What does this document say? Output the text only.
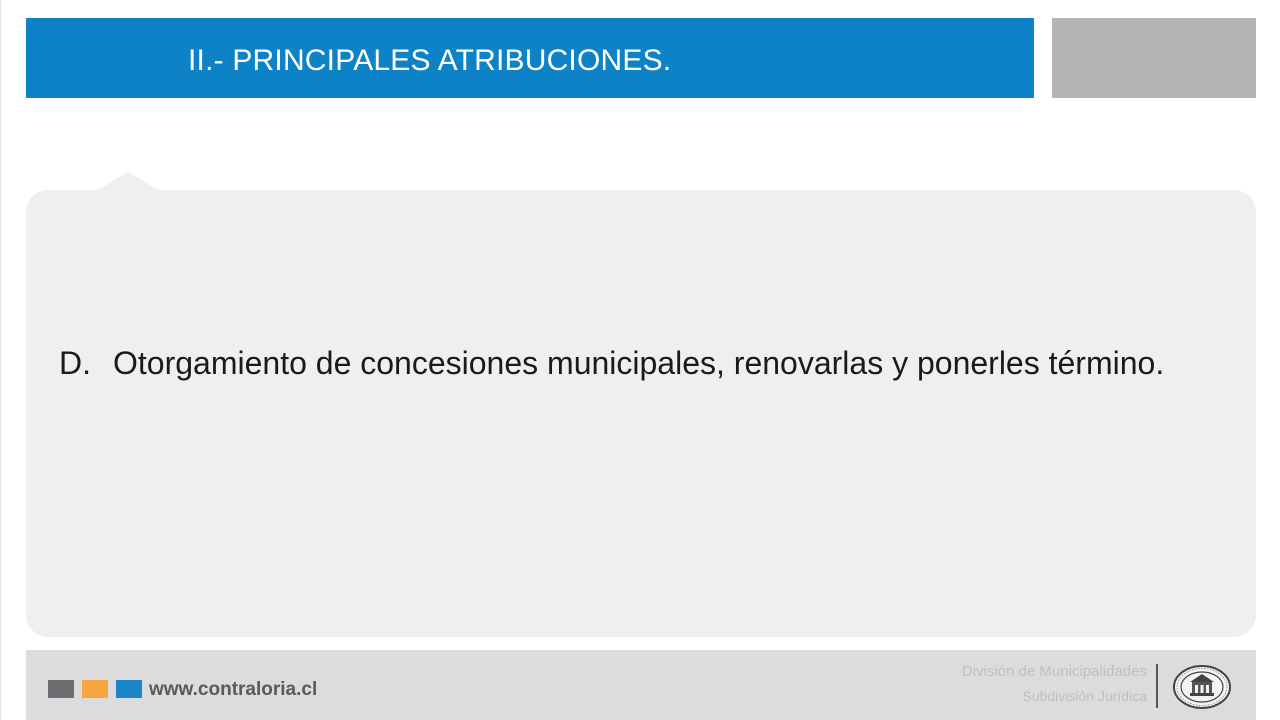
II.- PRINCIPALES ATRIBUCIONES.
D. Otorgamiento de concesiones municipales, renovarlas y ponerles término.
www.contraloria.cl
División de Municipalidades
Subdivisión Jurídica
